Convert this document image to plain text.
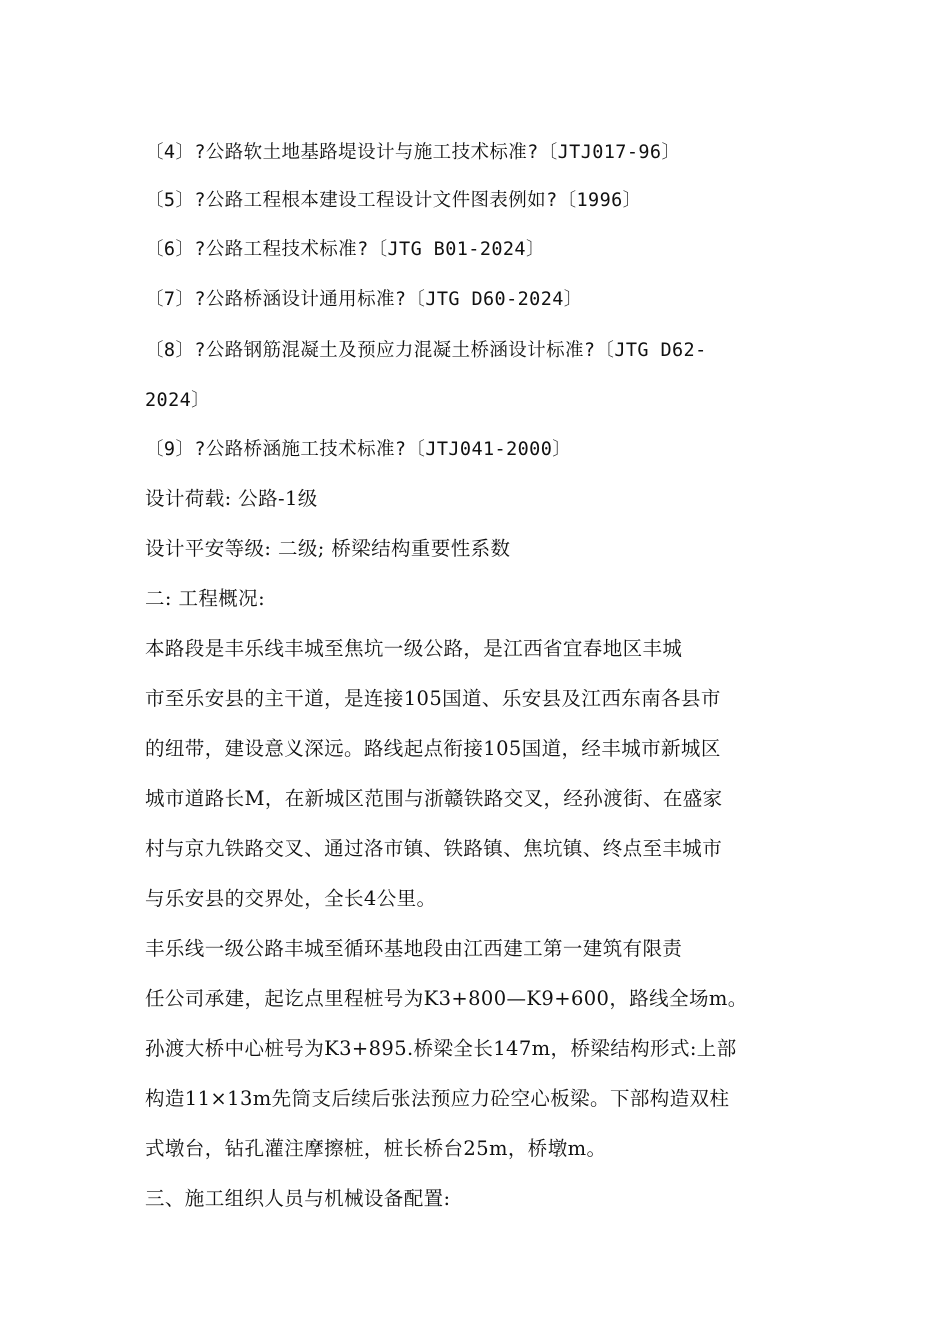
〔4〕?公路软土地基路堤设计与施工技术标准?〔JTJ017-96〕
〔5〕?公路工程根本建设工程设计文件图表例如?〔1996〕
〔6〕?公路工程技术标准?〔JTG B01-2024〕
〔7〕?公路桥涵设计通用标准?〔JTG D60-2024〕
〔8〕?公路钢筋混凝土及预应力混凝土桥涵设计标准?〔JTG D62-
2024〕
〔9〕?公路桥涵施工技术标准?〔JTJ041-2000〕
设计荷载: 公路-1级
设计平安等级: 二级; 桥梁结构重要性系数
二: 工程概况:
本路段是丰乐线丰城至焦坑一级公路，是江西省宜春地区丰城
市至乐安县的主干道，是连接105国道、乐安县及江西东南各县市
的纽带，建设意义深远。路线起点衔接105国道，经丰城市新城区
城市道路长M，在新城区范围与浙赣铁路交叉，经孙渡街、在盛家
村与京九铁路交叉、通过洛市镇、铁路镇、焦坑镇、终点至丰城市
与乐安县的交界处，全长4公里。
丰乐线一级公路丰城至循环基地段由江西建工第一建筑有限责
任公司承建，起讫点里程桩号为K3+800—K9+600，路线全场m。
孙渡大桥中心桩号为K3+895.桥梁全长147m，桥梁结构形式:上部
构造11×13m先筒支后续后张法预应力砼空心板梁。下部构造双柱
式墩台，钻孔灌注摩擦桩，桩长桥台25m，桥墩m。
三、施工组织人员与机械设备配置:
